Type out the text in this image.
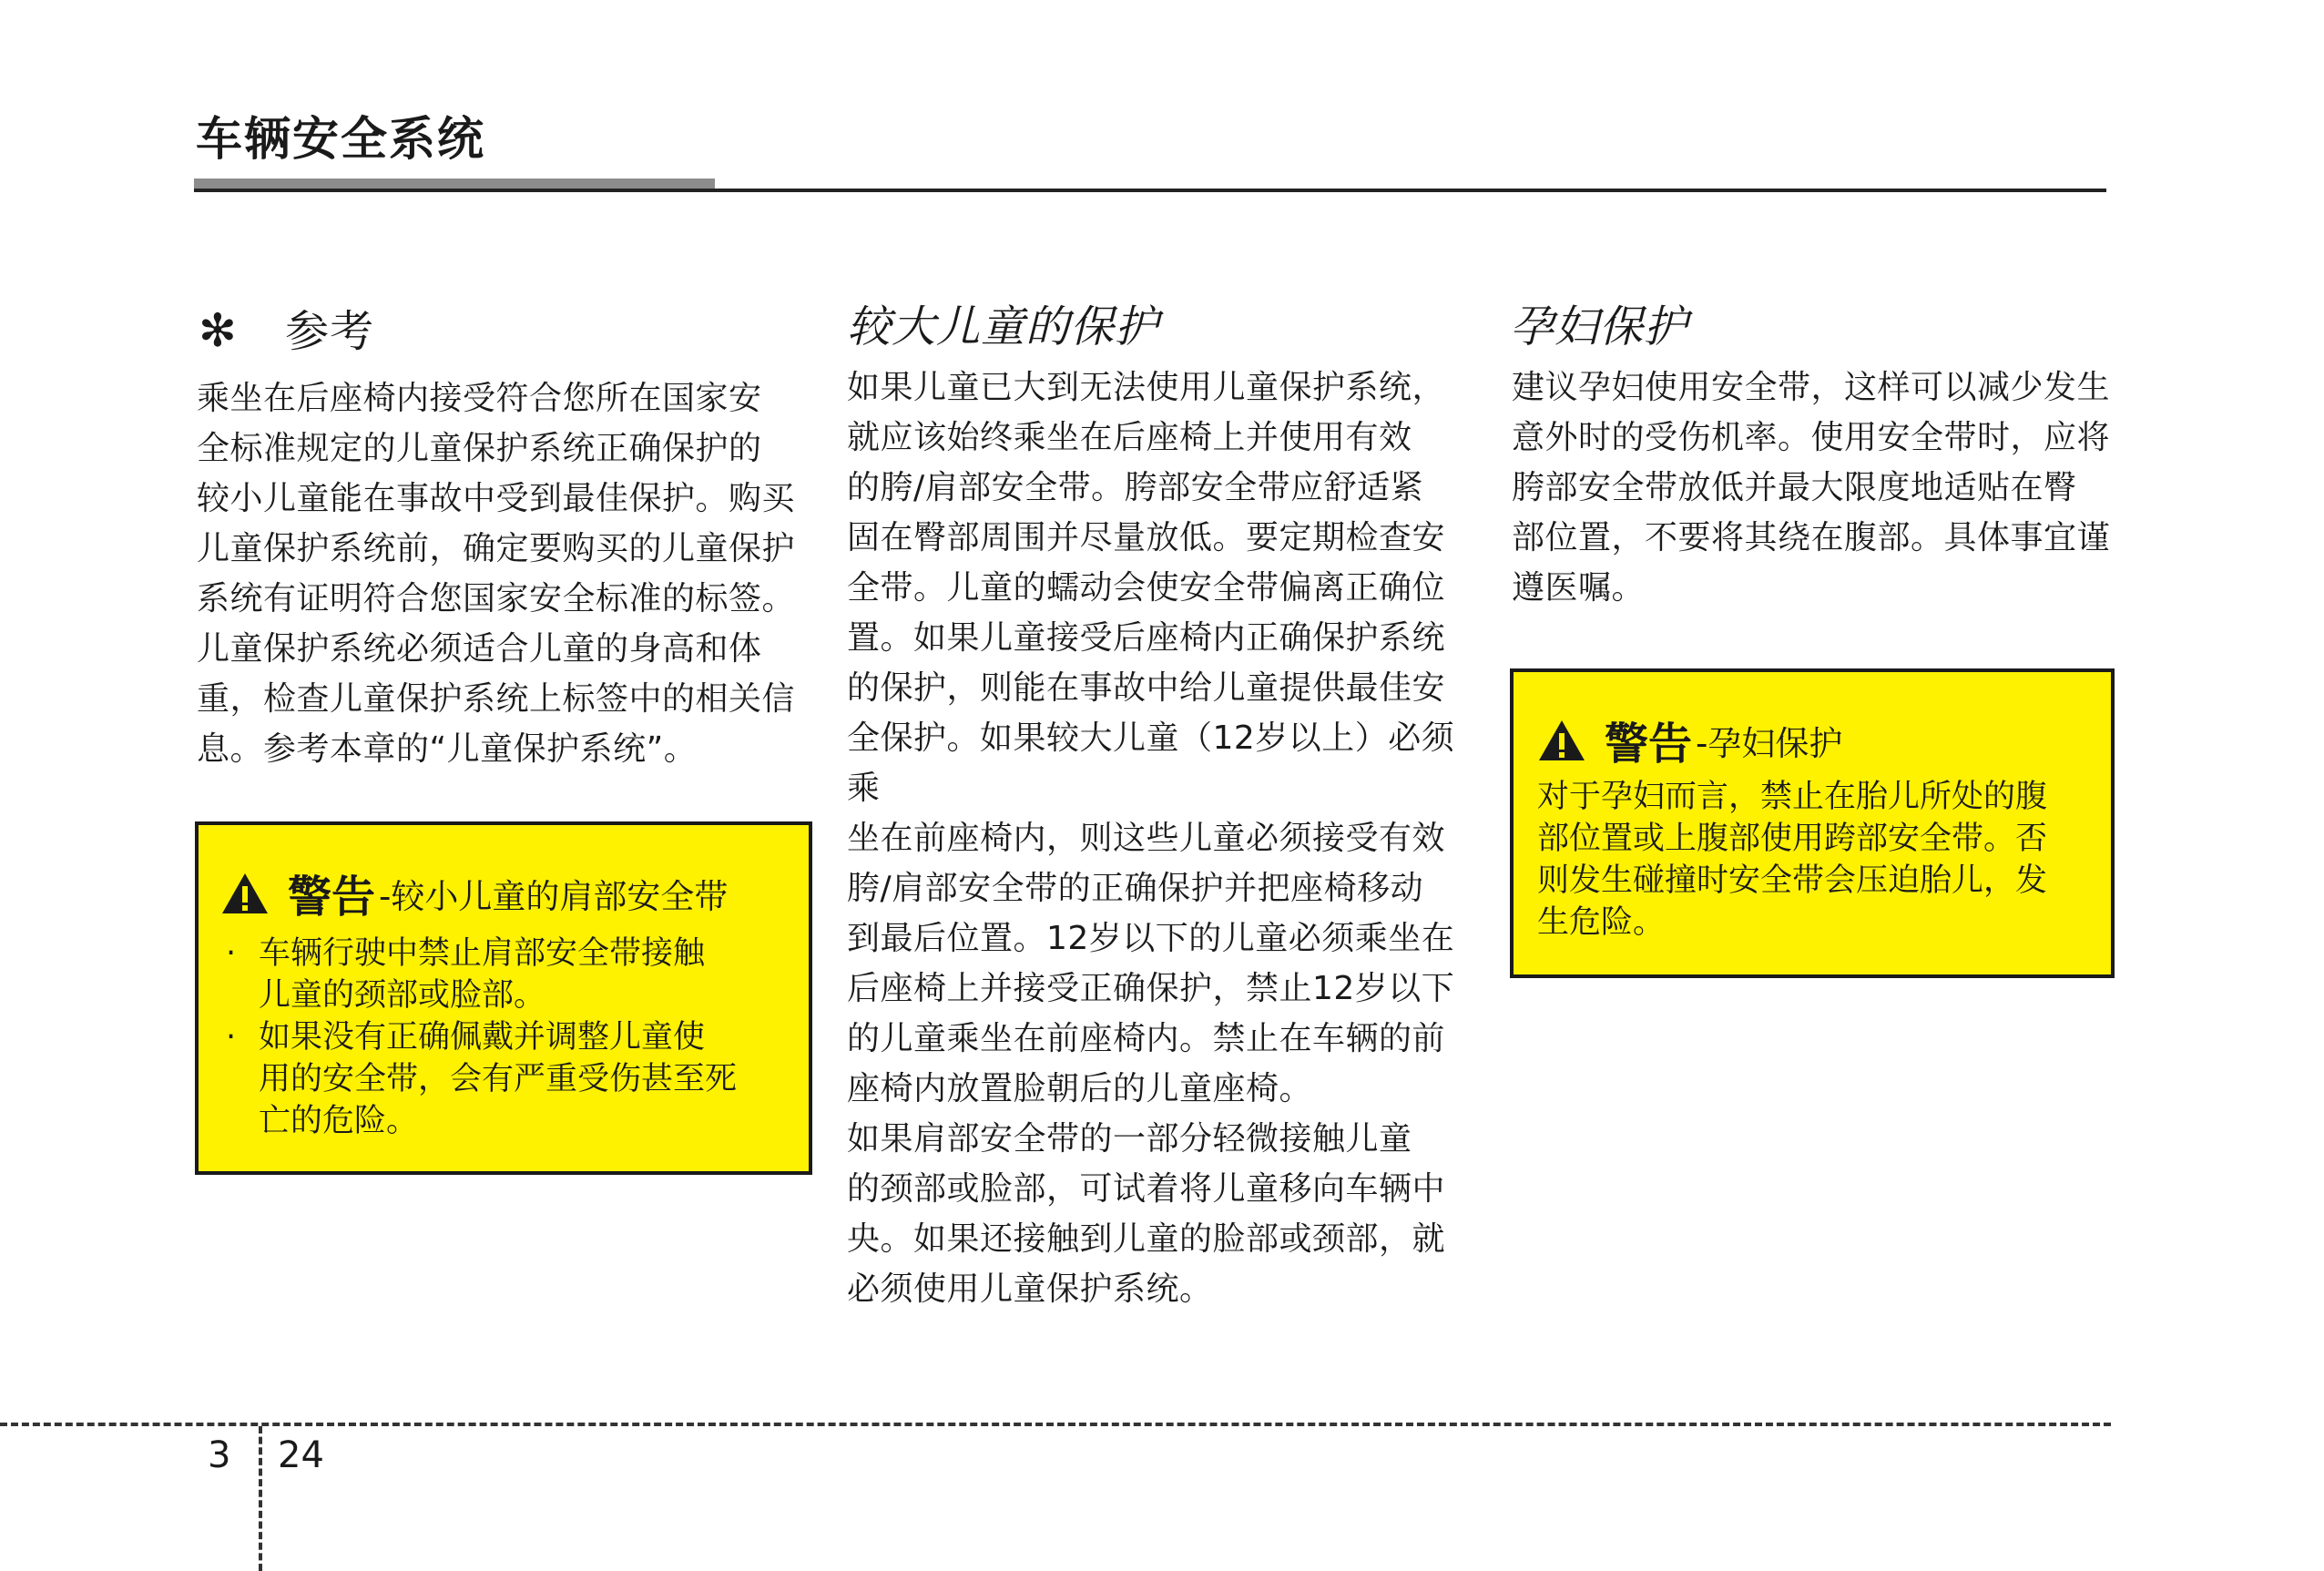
车辆安全系统
✻ 参考
乘坐在后座椅内接受符合您所在国家安
全标准规定的儿童保护系统正确保护的
较小儿童能在事故中受到最佳保护。购买
儿童保护系统前，确定要购买的儿童保护
系统有证明符合您国家安全标准的标签。
儿童保护系统必须适合儿童的身高和体
重，检查儿童保护系统上标签中的相关信
息。参考本章的“儿童保护系统”。
警告 -较小儿童的肩部安全带
· 车辆行驶中禁止肩部安全带接触
儿童的颈部或脸部。
· 如果没有正确佩戴并调整儿童使
用的安全带，会有严重受伤甚至死
亡的危险。
较大儿童的保护
如果儿童已大到无法使用儿童保护系统，
就应该始终乘坐在后座椅上并使用有效
的胯/肩部安全带。胯部安全带应舒适紧
固在臀部周围并尽量放低。要定期检查安
全带。儿童的蠕动会使安全带偏离正确位
置。如果儿童接受后座椅内正确保护系统
的保护，则能在事故中给儿童提供最佳安
全保护。如果较大儿童（12岁以上）必须乘
坐在前座椅内，则这些儿童必须接受有效
胯/肩部安全带的正确保护并把座椅移动
到最后位置。12岁以下的儿童必须乘坐在
后座椅上并接受正确保护，禁止12岁以下
的儿童乘坐在前座椅内。禁止在车辆的前
座椅内放置脸朝后的儿童座椅。
如果肩部安全带的一部分轻微接触儿童
的颈部或脸部，可试着将儿童移向车辆中
央。如果还接触到儿童的脸部或颈部，就
必须使用儿童保护系统。
孕妇保护
建议孕妇使用安全带，这样可以减少发生
意外时的受伤机率。使用安全带时，应将
胯部安全带放低并最大限度地适贴在臀
部位置，不要将其绕在腹部。具体事宜谨
遵医嘱。
警告 -孕妇保护
对于孕妇而言，禁止在胎儿所处的腹
部位置或上腹部使用跨部安全带。否
则发生碰撞时安全带会压迫胎儿，发
生危险。
3 24
